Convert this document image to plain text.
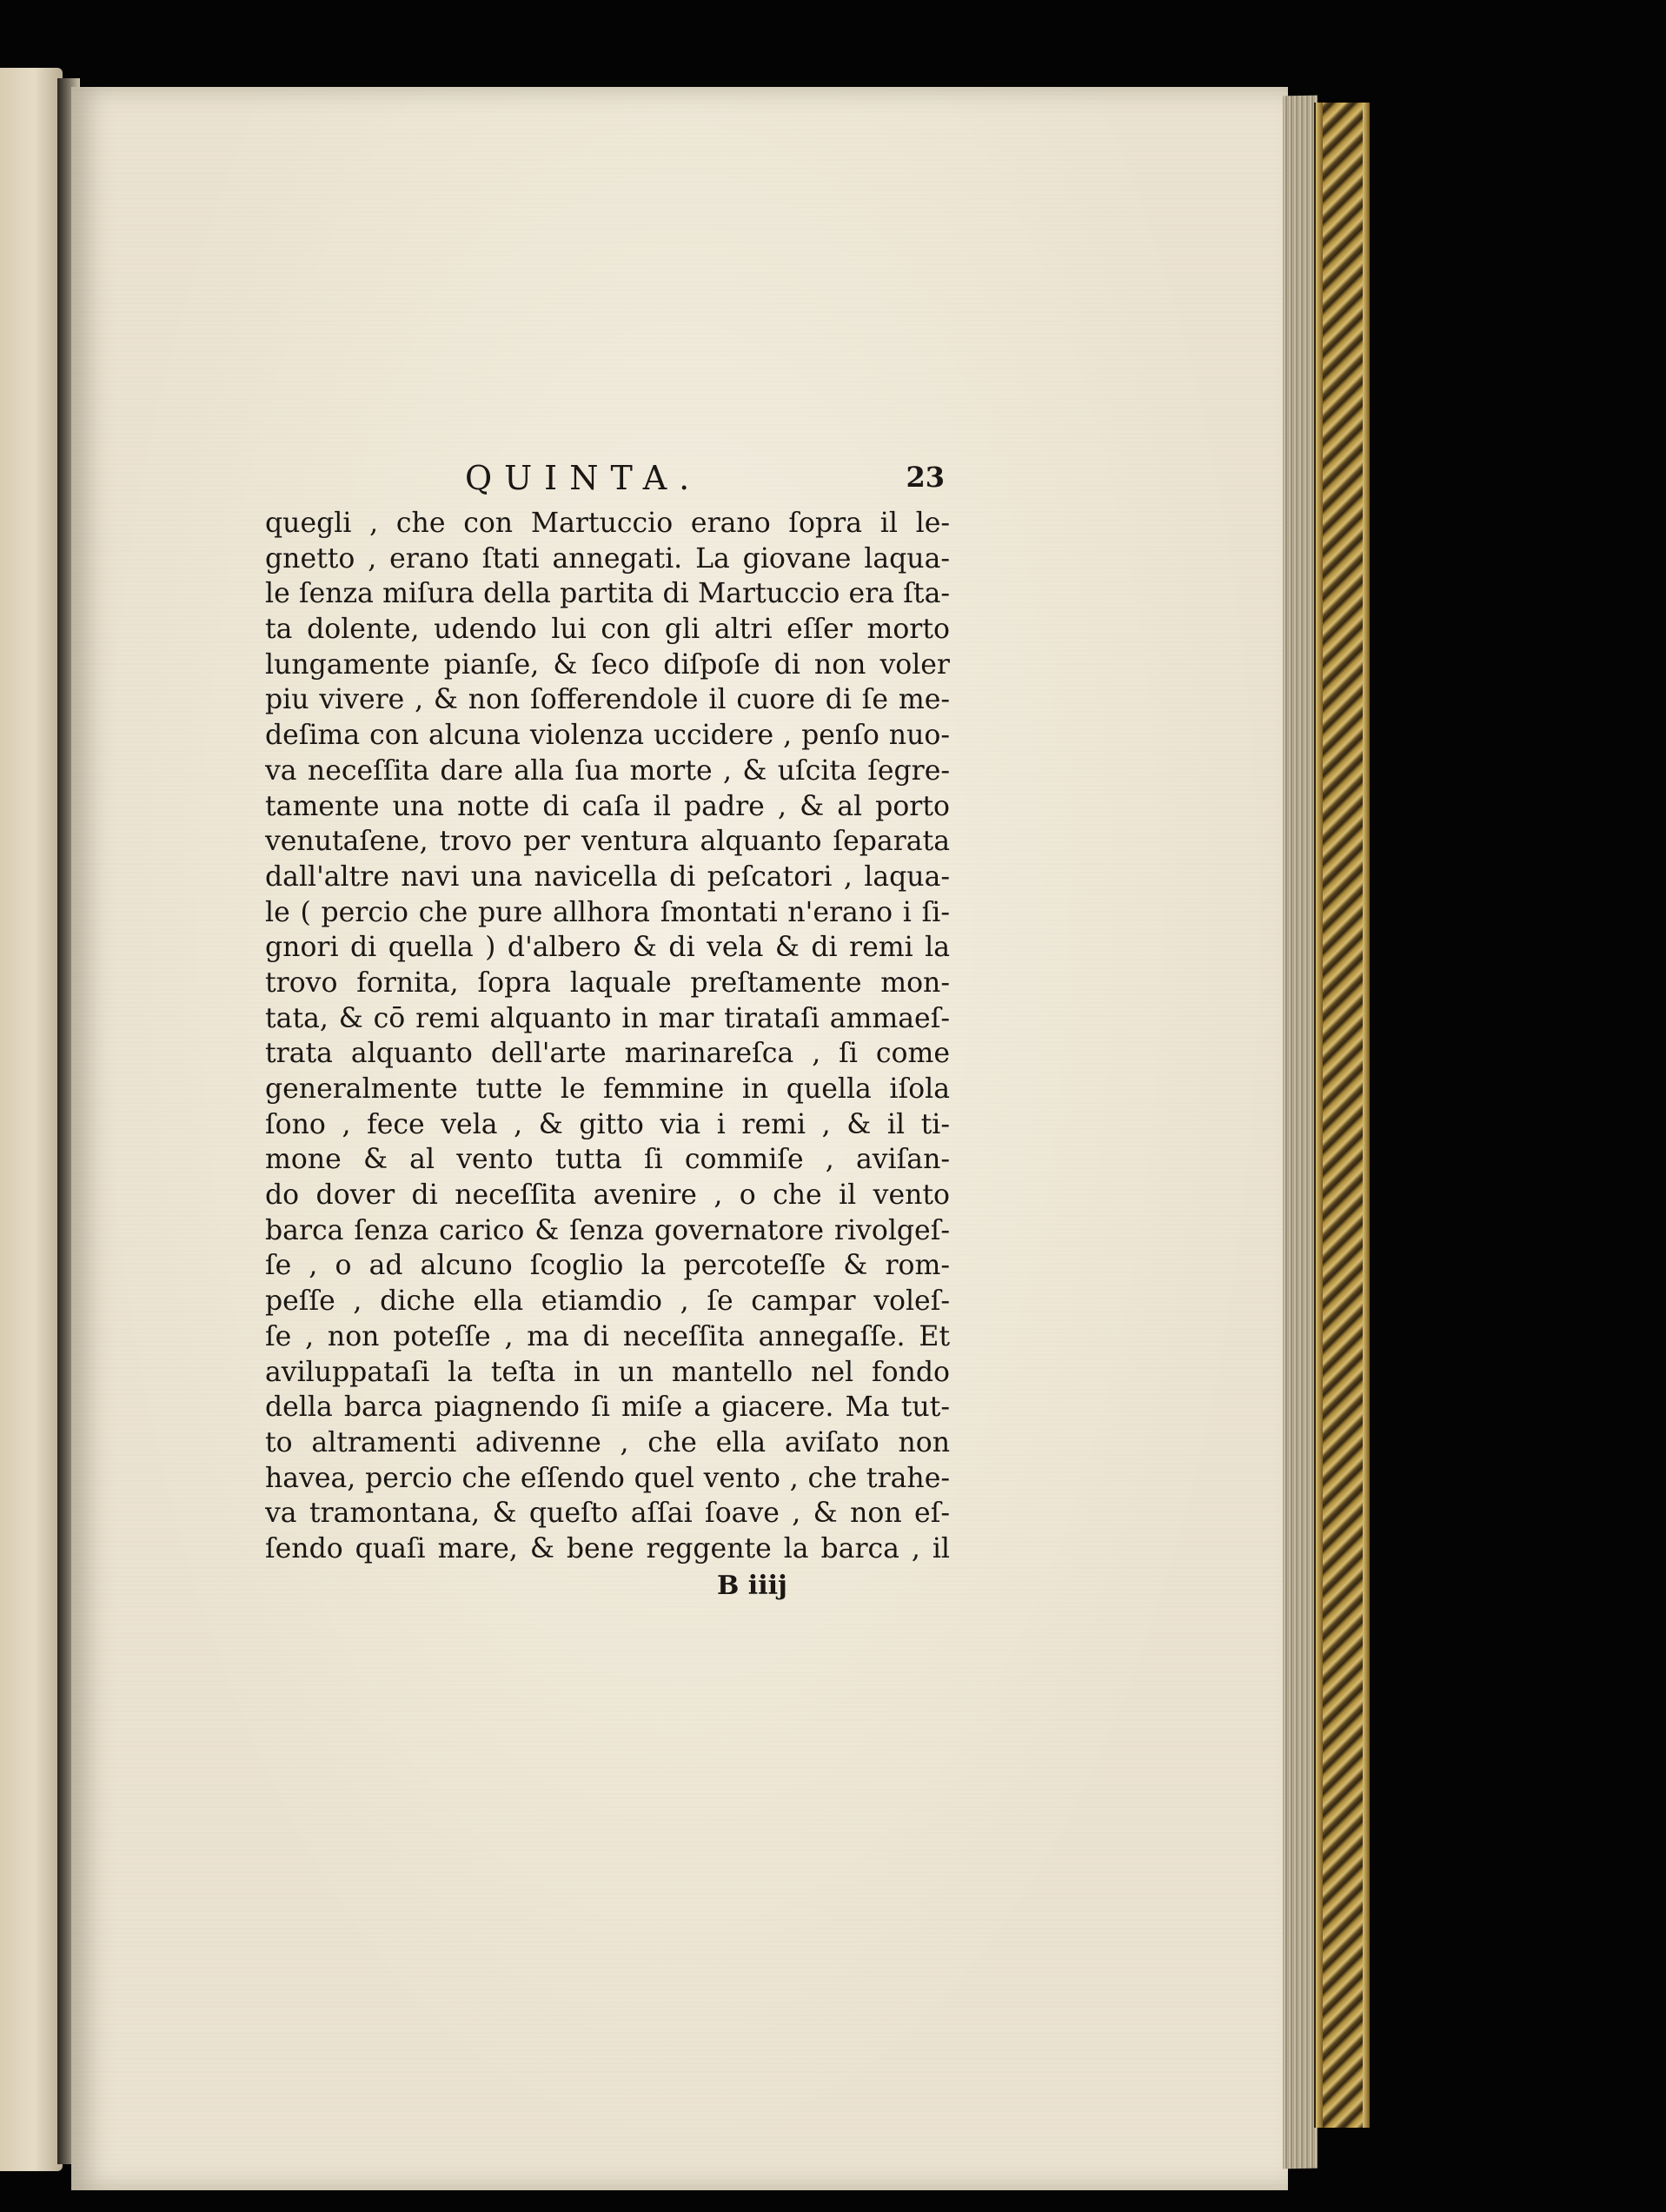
QUINTA.	23
quegli , che con Martuccio erano ſopra il le-
gnetto , erano ſtati annegati. La giovane laqua-
le ſenza miſura della partita di Martuccio era ſta-
ta dolente, udendo lui con gli altri eſſer morto
lungamente pianſe, & ſeco diſpoſe di non voler
piu vivere , & non ſofferendole il cuore di ſe me-
deſima con alcuna violenza uccidere , penſo nuo-
va neceſſita dare alla ſua morte , & uſcita ſegre-
tamente una notte di caſa il padre , & al porto
venutaſene, trovo per ventura alquanto ſeparata
dall'altre navi una navicella di peſcatori , laqua-
le ( percio che pure allhora ſmontati n'erano i ſi-
gnori di quella ) d'albero & di vela & di remi la
trovo fornita, ſopra laquale preſtamente mon-
tata, & cō remi alquanto in mar tirataſi ammaeſ-
trata alquanto dell'arte marinareſca , ſi come
generalmente tutte le femmine in quella iſola
ſono , fece vela , & gitto via i remi , & il ti-
mone & al vento tutta ſi commiſe , aviſan-
do dover di neceſſita avenire , o che il vento
barca ſenza carico & ſenza governatore rivolgeſ-
ſe , o ad alcuno ſcoglio la percoteſſe & rom-
peſſe , diche ella etiamdio , ſe campar voleſ-
ſe , non poteſſe , ma di neceſſita annegaſſe. Et
aviluppataſi la teſta in un mantello nel fondo
della barca piagnendo ſi miſe a giacere. Ma tut-
to altramenti adivenne , che ella aviſato non
havea, percio che eſſendo quel vento , che trahe-
va tramontana, & queſto aſſai ſoave , & non eſ-
ſendo quaſi mare, & bene reggente la barca , il
B iiij
